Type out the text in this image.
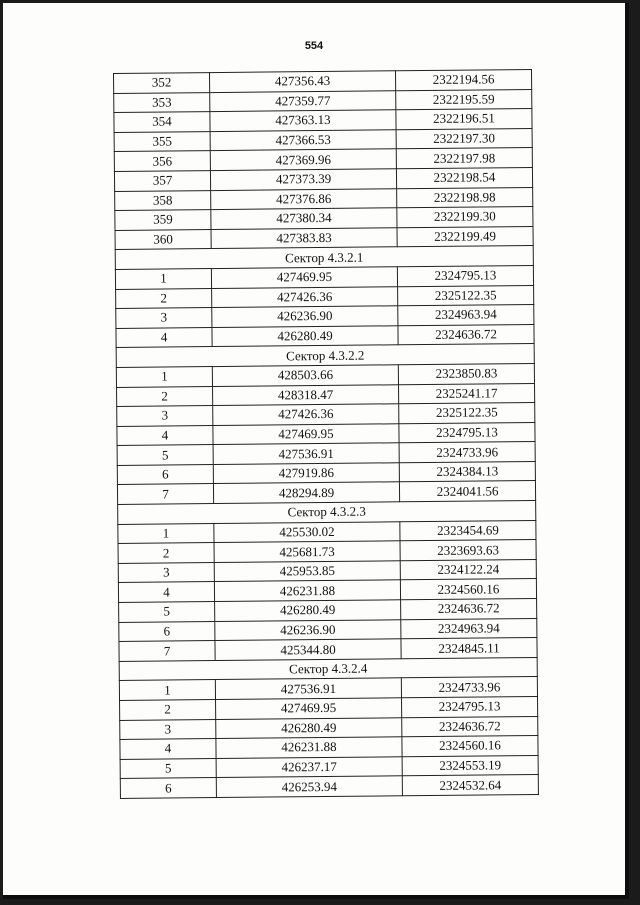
554
352	427356.43	2322194.56
353	427359.77	2322195.59
354	427363.13	2322196.51
355	427366.53	2322197.30
356	427369.96	2322197.98
357	427373.39	2322198.54
358	427376.86	2322198.98
359	427380.34	2322199.30
360	427383.83	2322199.49
Сектор 4.3.2.1		
1	427469.95	2324795.13
2	427426.36	2325122.35
3	426236.90	2324963.94
4	426280.49	2324636.72
Сектор 4.3.2.2		
1	428503.66	2323850.83
2	428318.47	2325241.17
3	427426.36	2325122.35
4	427469.95	2324795.13
5	427536.91	2324733.96
6	427919.86	2324384.13
7	428294.89	2324041.56
Сектор 4.3.2.3		
1	425530.02	2323454.69
2	425681.73	2323693.63
3	425953.85	2324122.24
4	426231.88	2324560.16
5	426280.49	2324636.72
6	426236.90	2324963.94
7	425344.80	2324845.11
Сектор 4.3.2.4		
1	427536.91	2324733.96
2	427469.95	2324795.13
3	426280.49	2324636.72
4	426231.88	2324560.16
5	426237.17	2324553.19
6	426253.94	2324532.64
